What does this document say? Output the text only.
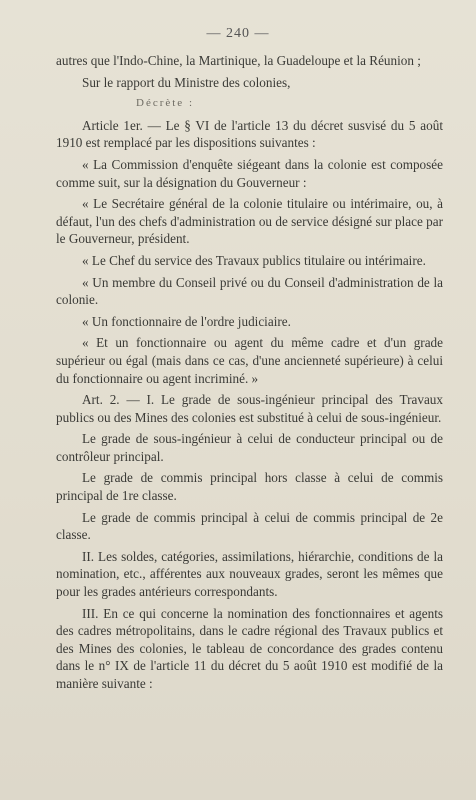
— 240 —

autres que l'Indo-Chine, la Martinique, la Guadeloupe et la Réunion ;

Sur le rapport du Ministre des colonies,

Décrète :

Article 1er. — Le § VI de l'article 13 du décret susvisé du 5 août 1910 est remplacé par les dispositions suivantes :

« La Commission d'enquête siégeant dans la colonie est composée comme suit, sur la désignation du Gouverneur :

« Le Secrétaire général de la colonie titulaire ou intérimaire, ou, à défaut, l'un des chefs d'administration ou de service désigné sur place par le Gouverneur, président.

« Le Chef du service des Travaux publics titulaire ou intérimaire.

« Un membre du Conseil privé ou du Conseil d'administration de la colonie.

« Un fonctionnaire de l'ordre judiciaire.

« Et un fonctionnaire ou agent du même cadre et d'un grade supérieur ou égal (mais dans ce cas, d'une ancienneté supérieure) à celui du fonctionnaire ou agent incriminé. »

Art. 2. — I. Le grade de sous-ingénieur principal des Travaux publics ou des Mines des colonies est substitué à celui de sous-ingénieur.

Le grade de sous-ingénieur à celui de conducteur principal ou de contrôleur principal.

Le grade de commis principal hors classe à celui de commis principal de 1re classe.

Le grade de commis principal à celui de commis principal de 2e classe.

II. Les soldes, catégories, assimilations, hiérarchie, conditions de la nomination, etc., afférentes aux nouveaux grades, seront les mêmes que pour les grades antérieurs correspondants.

III. En ce qui concerne la nomination des fonctionnaires et agents des cadres métropolitains, dans le cadre régional des Travaux publics et des Mines des colonies, le tableau de concordance des grades contenu dans le n° IX de l'article 11 du décret du 5 août 1910 est modifié de la manière suivante :
